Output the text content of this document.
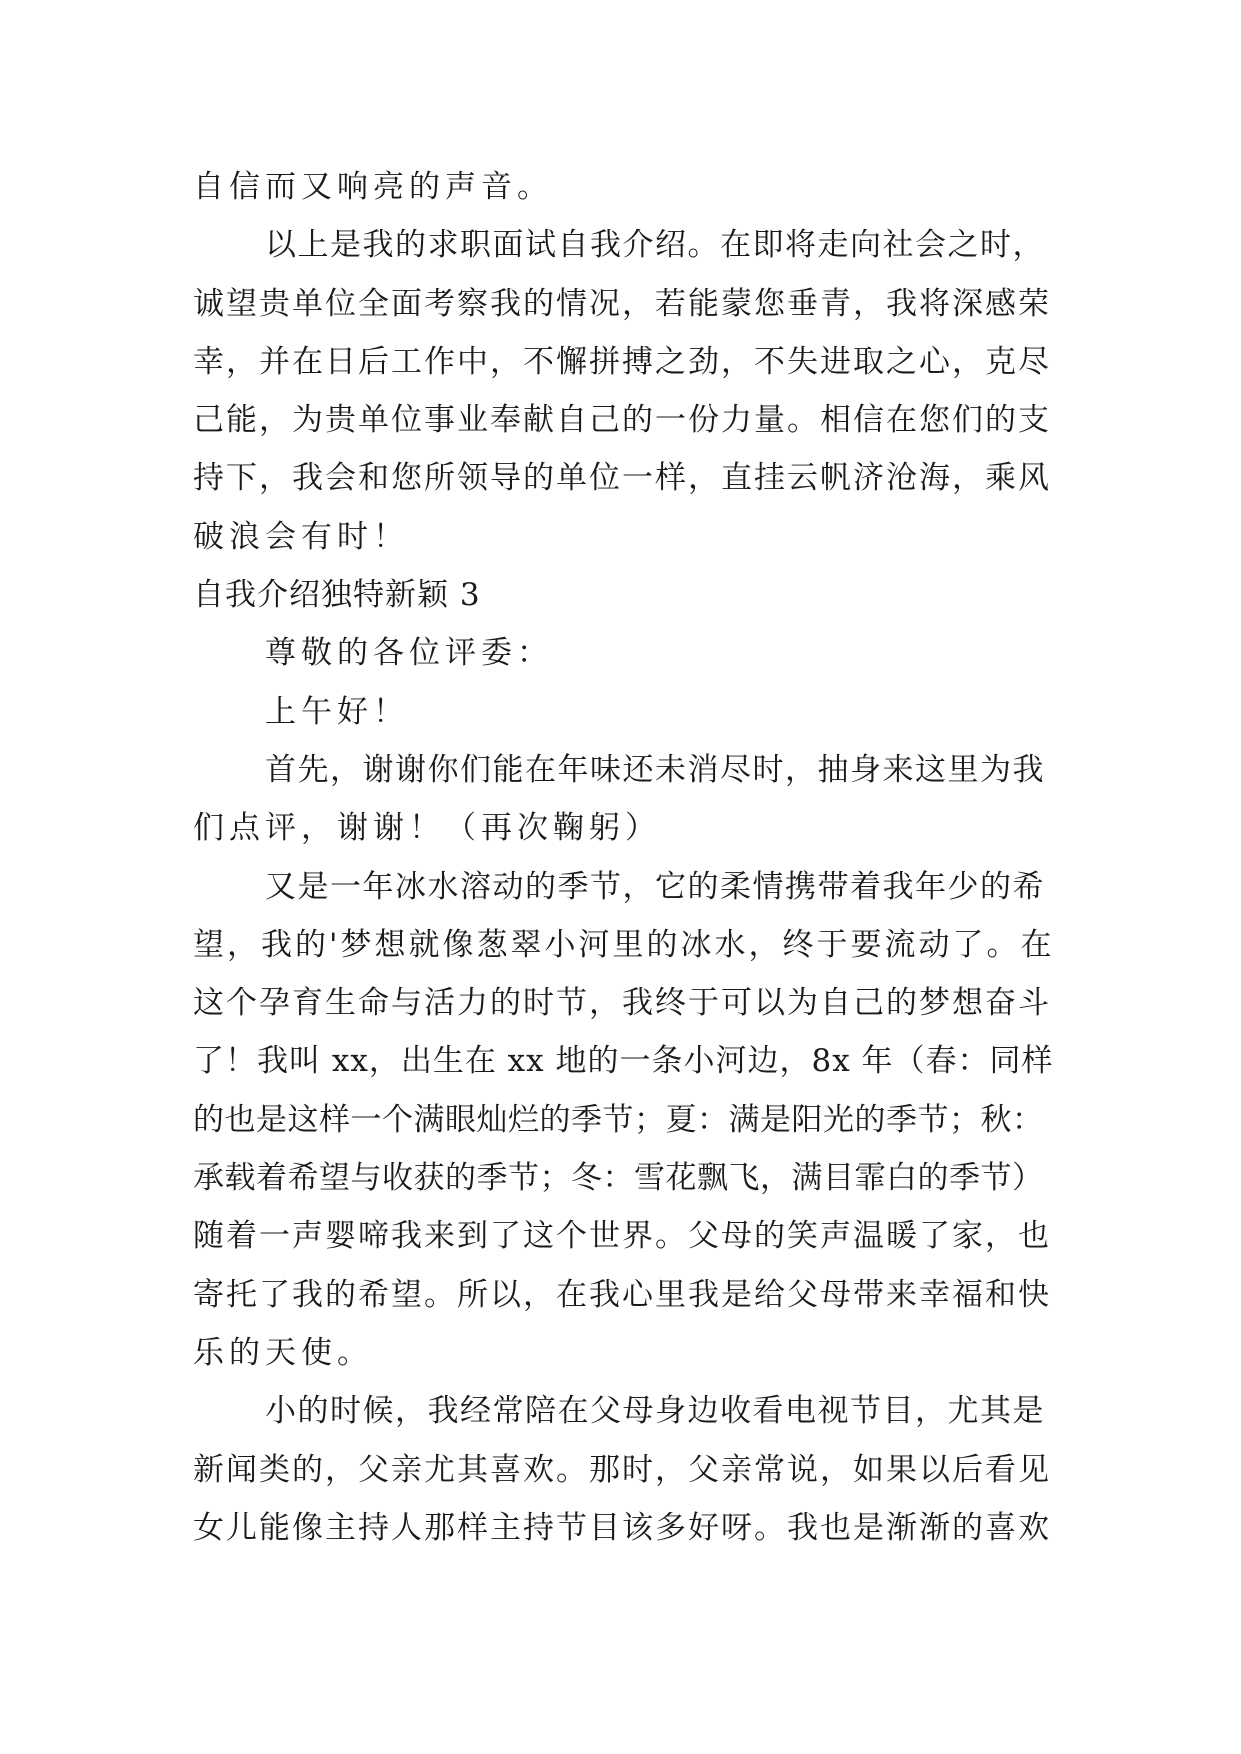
自信而又响亮的声音。
以上是我的求职面试自我介绍。在即将走向社会之时，
诚望贵单位全面考察我的情况，若能蒙您垂青，我将深感荣
幸，并在日后工作中，不懈拼搏之劲，不失进取之心，克尽
己能，为贵单位事业奉献自己的一份力量。相信在您们的支
持下，我会和您所领导的单位一样，直挂云帆济沧海，乘风
破浪会有时！
自我介绍独特新颖 3
尊敬的各位评委：
上午好！
首先，谢谢你们能在年味还未消尽时，抽身来这里为我
们点评，谢谢！（再次鞠躬）
又是一年冰水溶动的季节，它的柔情携带着我年少的希
望，我的'梦想就像葱翠小河里的冰水，终于要流动了。在
这个孕育生命与活力的时节，我终于可以为自己的梦想奋斗
了！我叫 xx，出生在 xx 地的一条小河边，8x 年（春：同样
的也是这样一个满眼灿烂的季节；夏：满是阳光的季节；秋：
承载着希望与收获的季节；冬：雪花飘飞，满目霏白的季节）
随着一声婴啼我来到了这个世界。父母的笑声温暖了家，也
寄托了我的希望。所以，在我心里我是给父母带来幸福和快
乐的天使。
小的时候，我经常陪在父母身边收看电视节目，尤其是
新闻类的，父亲尤其喜欢。那时，父亲常说，如果以后看见
女儿能像主持人那样主持节目该多好呀。我也是渐渐的喜欢
